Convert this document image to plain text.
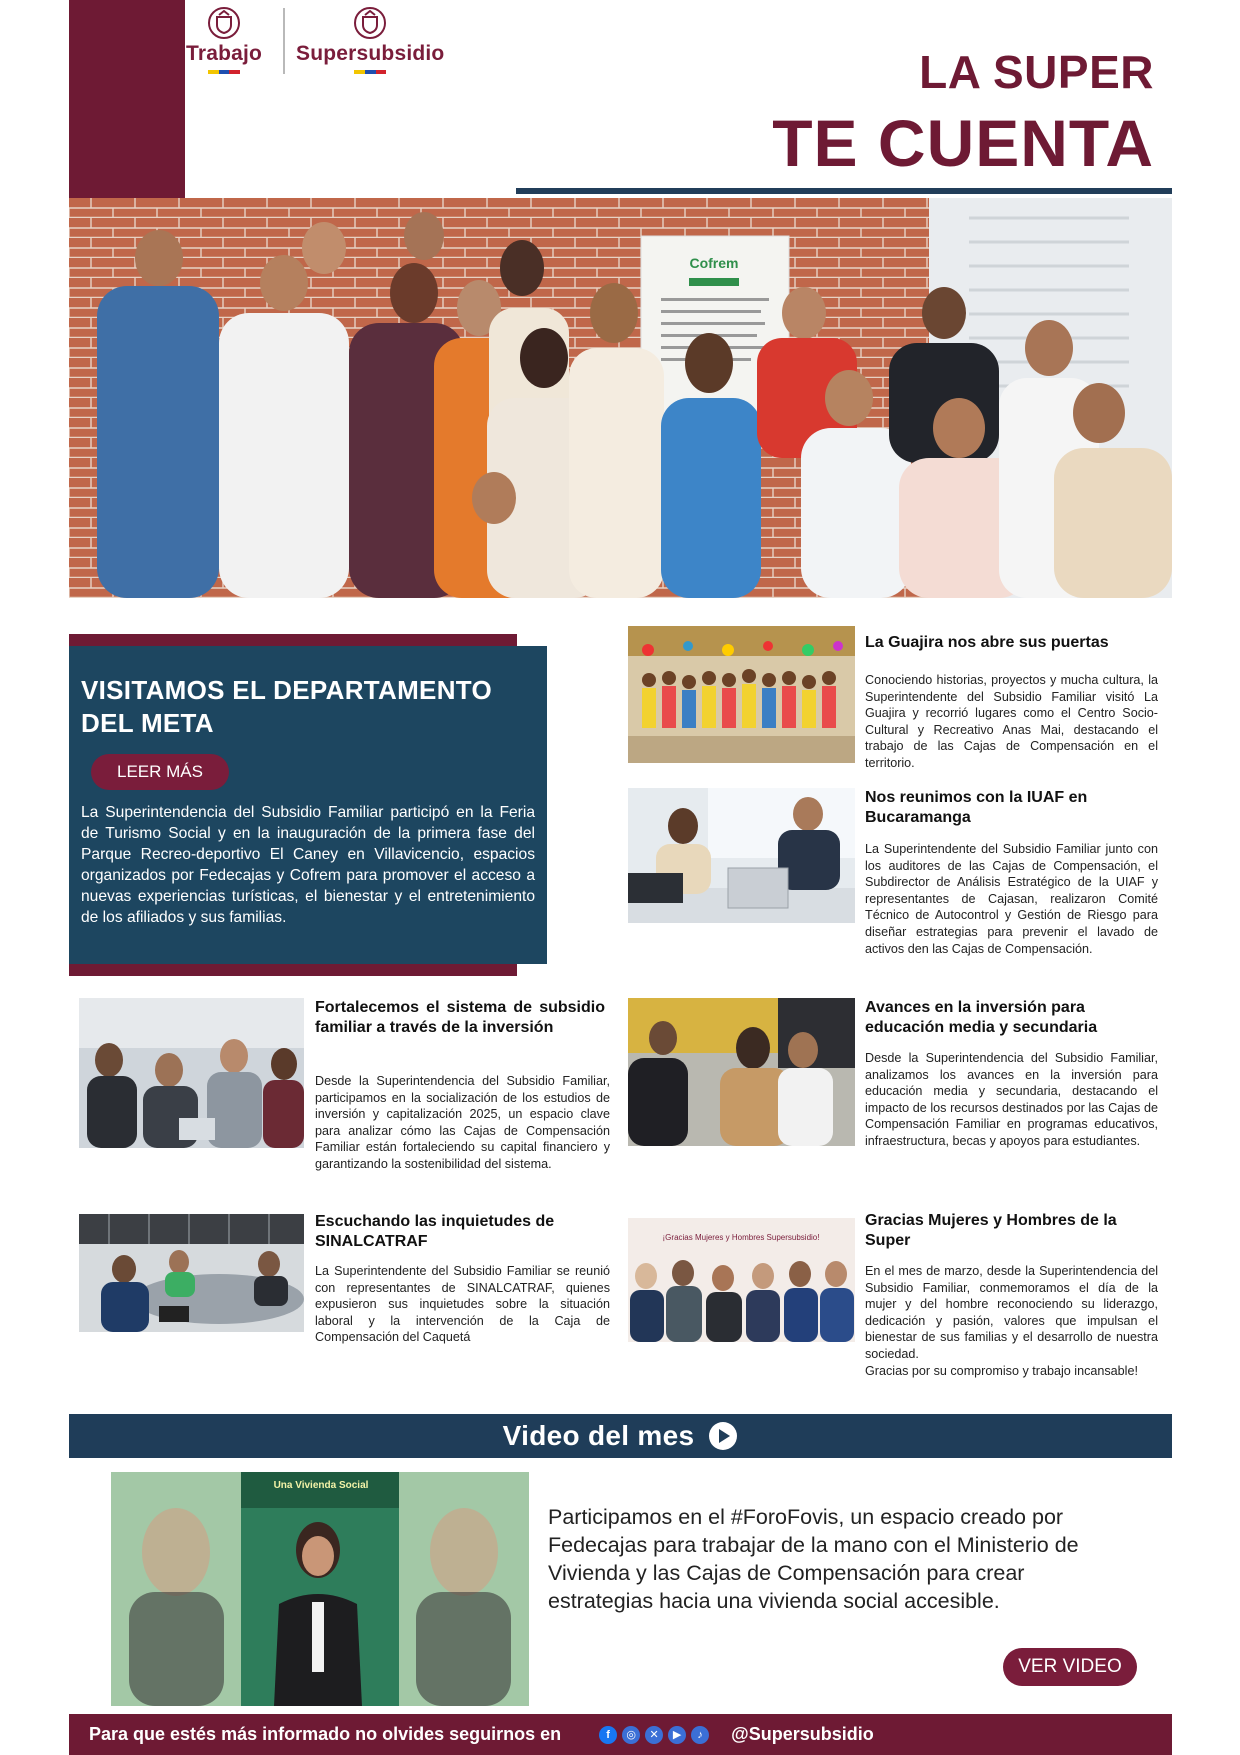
Trabajo Supersubsidio	LA SUPER
TE CUENTA
Cofrem
VISITAMOS EL DEPARTAMENTO
DEL META
LEER MÁS

La Superintendencia del Subsidio Familiar participó en la Feria de Turismo Social y en la inauguración de la primera fase del Parque Recreo-deportivo El Caney en Villavicencio, espacios organizados por Fedecajas y Cofrem para promover el acceso a nuevas experiencias turísticas, el bienestar y el entretenimiento de los afiliados y sus familias.

La Guajira nos abre sus puertas

Conociendo historias, proyectos y mucha cultura, la Superintendente del Subsidio Familiar visitó La Guajira y recorrió lugares como el Centro Socio-Cultural y Recreativo Anas Mai, destacando el trabajo de las Cajas de Compensación en el territorio.

Nos reunimos con la IUAF en Bucaramanga

La Superintendente del Subsidio Familiar junto con los auditores de las Cajas de Compensación, el Subdirector de Análisis Estratégico de la UIAF y representantes de Cajasan, realizaron Comité Técnico de Autocontrol y Gestión de Riesgo para diseñar estrategias para prevenir el lavado de activos den las Cajas de Compensación.

Fortalecemos el sistema de subsidio familiar a través de la inversión

Desde la Superintendencia del Subsidio Familiar, participamos en la socialización de los estudios de inversión y capitalización 2025, un espacio clave para analizar cómo las Cajas de Compensación Familiar están fortaleciendo su capital financiero y garantizando la sostenibilidad del sistema.

Avances en la inversión para educación media y secundaria

Desde la Superintendencia del Subsidio Familiar, analizamos los avances en la inversión para educación media y secundaria, destacando el impacto de los recursos destinados por las Cajas de Compensación Familiar en programas educativos, infraestructura, becas y apoyos para estudiantes.

Escuchando las inquietudes de SINALCATRAF

La Superintendente del Subsidio Familiar se reunió con representantes de SINALCATRAF, quienes expusieron sus inquietudes sobre la situación laboral y la intervención de la Caja de Compensación del Caquetá

¡Gracias Mujeres y Hombres Supersubsidio!
Gracias Mujeres y Hombres de la Super

En el mes de marzo, desde la Superintendencia del Subsidio Familiar, conmemoramos el día de la mujer y del hombre reconociendo su liderazgo, dedicación y pasión, valores que impulsan el bienestar de sus familias y el desarrollo de nuestra sociedad.

Gracias por su compromiso y trabajo incansable!

Video del mes
Una Vivienda Social

Participamos en el #ForoFovis, un espacio creado por Fedecajas para trabajar de la mano con el Ministerio de Vivienda y las Cajas de Compensación para crear estrategias hacia una vivienda social accesible.

VER VIDEO
Para que estés más informado no olvides seguirnos en	f	◎	✕	▶	♪	@Supersubsidio
